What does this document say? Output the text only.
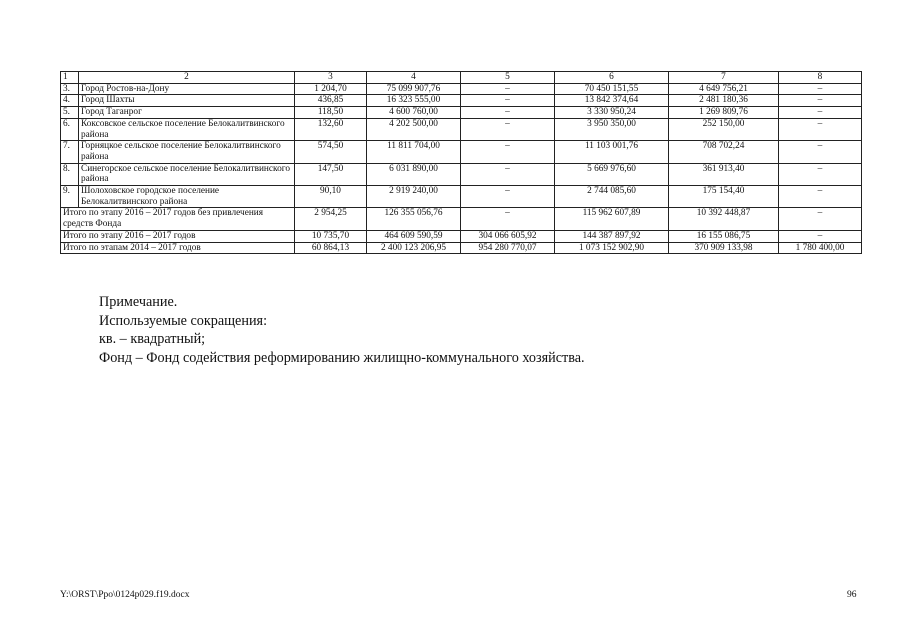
1	2	3	4	5	6	7	8
3.	Город Ростов-на-Дону	1 204,70	75 099 907,76	–	70 450 151,55	4 649 756,21	–
4.	Город Шахты	436,85	16 323 555,00	–	13 842 374,64	2 481 180,36	–
5.	Город Таганрог	118,50	4 600 760,00	–	3 330 950,24	1 269 809,76	–
6.	Коксовское сельское поселение Белокалитвинского района	132,60	4 202 500,00	–	3 950 350,00	252 150,00	–
7.	Горняцкое сельское поселение Белокалитвинского района	574,50	11 811 704,00	–	11 103 001,76	708 702,24	–
8.	Синегорское сельское поселение Белокалитвинского района	147,50	6 031 890,00	–	5 669 976,60	361 913,40	–
9.	Шолоховское городское поселение Белокалитвинского района	90,10	2 919 240,00	–	2 744 085,60	175 154,40	–
Итого по этапу 2016 – 2017 годов без привлечения средств Фонда		2 954,25	126 355 056,76	–	115 962 607,89	10 392 448,87	–
Итого по этапу 2016 – 2017 годов		10 735,70	464 609 590,59	304 066 605,92	144 387 897,92	16 155 086,75	–
Итого по этапам 2014 – 2017 годов		60 864,13	2 400 123 206,95	954 280 770,07	1 073 152 902,90	370 909 133,98	1 780 400,00
Примечание.
Используемые сокращения:
кв. – квадратный;
Фонд – Фонд содействия реформированию жилищно-коммунального хозяйства.
Y:\ORST\Ppo\0124p029.f19.docx	96
